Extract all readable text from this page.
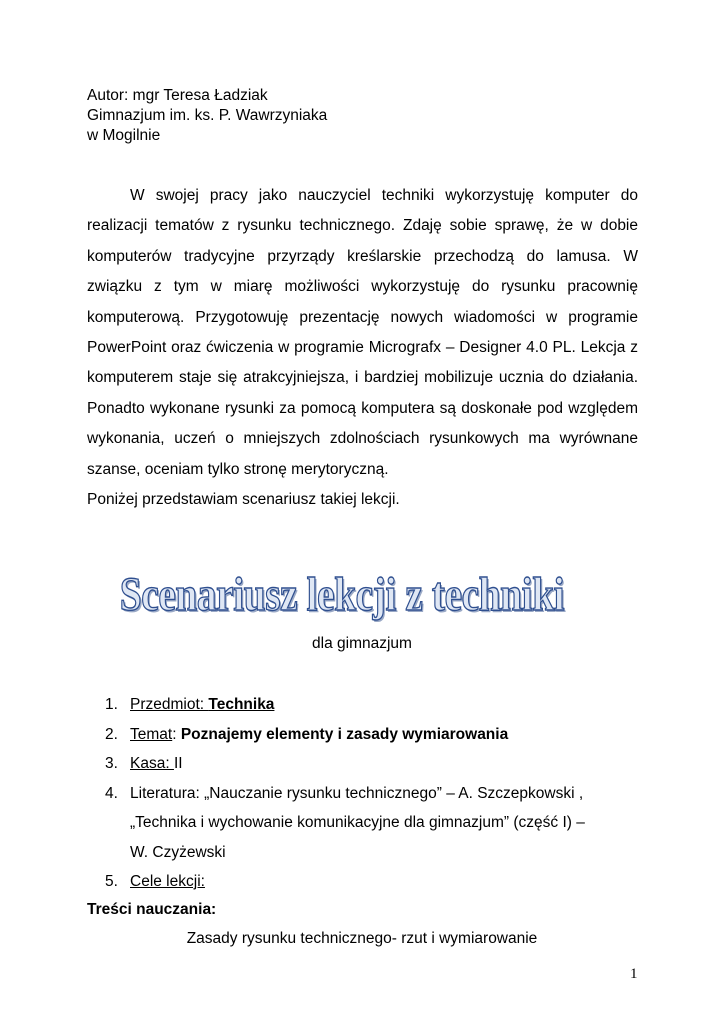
Autor: mgr Teresa Ładziak
Gimnazjum im. ks. P. Wawrzyniaka
w Mogilnie

W swojej pracy jako nauczyciel techniki wykorzystuję komputer do realizacji tematów z rysunku technicznego. Zdaję sobie sprawę, że w dobie komputerów tradycyjne przyrządy kreślarskie przechodzą do lamusa. W związku z tym w miarę możliwości wykorzystuję do rysunku pracownię komputerową. Przygotowuję prezentację nowych wiadomości w programie PowerPoint oraz ćwiczenia w programie Micrografx – Designer 4.0 PL. Lekcja z komputerem staje się atrakcyjniejsza, i bardziej mobilizuje ucznia do działania. Ponadto wykonane rysunki za pomocą komputera są doskonałe pod względem wykonania, uczeń o mniejszych zdolnościach rysunkowych ma wyrównane szanse, oceniam tylko stronę merytoryczną.

Poniżej przedstawiam scenariusz takiej lekcji.

Scenariusz lekcji z techniki
dla gimnazjum
1. Przedmiot: Technika
2. Temat: Poznajemy elementy i zasady wymiarowania
3. Kasa: II
4. Literatura: „Nauczanie rysunku technicznego” – A. Szczepkowski ,
„Technika i wychowanie komunikacyjne dla gimnazjum” (część I) –
W. Czyżewski
5. Cele lekcji:
Treści nauczania:
Zasady rysunku technicznego- rzut i wymiarowanie
1
